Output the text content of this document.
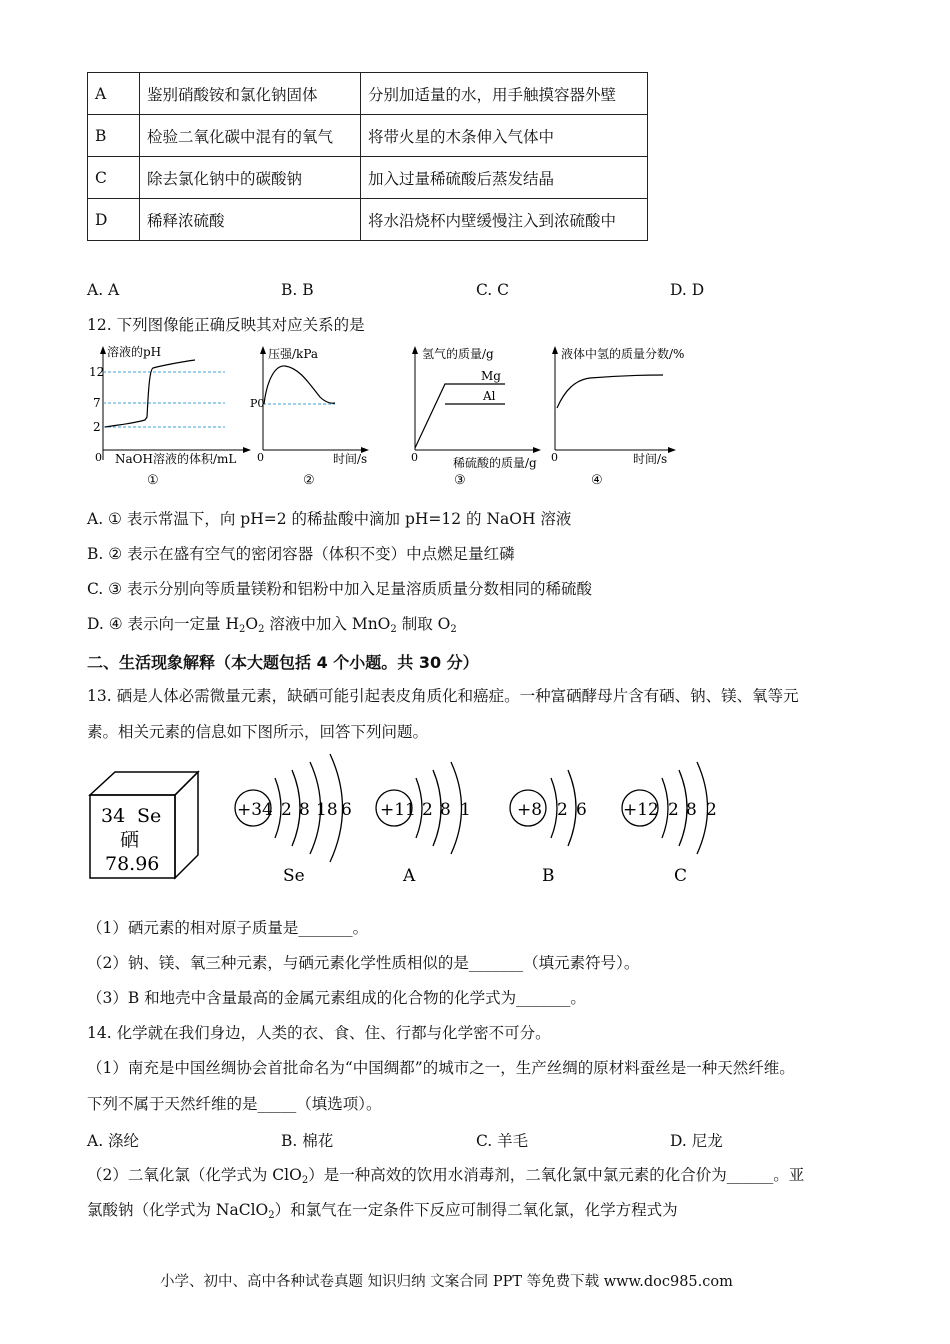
A	鉴别硝酸铵和氯化钠固体	分别加适量的水，用手触摸容器外壁
B	检验二氧化碳中混有的氧气	将带火星的木条伸入气体中
C	除去氯化钠中的碳酸钠	加入过量稀硫酸后蒸发结晶
D	稀释浓硫酸	将水沿烧杯内壁缓慢注入到浓硫酸中
A. A	B. B	C. C	D. D
12. 下列图像能正确反映其对应关系的是
12
7
2
溶液的pH
0 NaOH溶液的体积/mL
①
压强/kPa
P0
0	时间/s
②
氢气的质量/g
Mg
Al
0	稀硫酸的质量/g
③
液体中氢的质量分数/%
0	时间/s
④
A. ① 表示常温下，向 pH=2 的稀盐酸中滴加 pH=12 的 NaOH 溶液
B. ② 表示在盛有空气的密闭容器（体积不变）中点燃足量红磷
C. ③ 表示分别向等质量镁粉和铝粉中加入足量溶质质量分数相同的稀硫酸
D. ④ 表示向一定量 $H_2O_2$ 溶液中加入 MnO$_2$ 制取 $O_2$
二、生活现象解释（本大题包括 4 个小题。共 30 分）
13. 硒是人体必需微量元素，缺硒可能引起表皮角质化和癌症。一种富硒酵母片含有硒、钠、镁、氧等元
素。相关元素的信息如下图所示，回答下列问题。
34 Se
硒
78.96
+34 2 8 18 6
Se
+11 2 8 1
A
+8 2 6
B
+12 2 8 2
C
（1）硒元素的相对原子质量是_______。
（2）钠、镁、氧三种元素，与硒元素化学性质相似的是_______（填元素符号）。
（3）B 和地壳中含量最高的金属元素组成的化合物的化学式为_______。
14. 化学就在我们身边，人类的衣、食、住、行都与化学密不可分。
（1）南充是中国丝绸协会首批命名为“中国绸都”的城市之一，生产丝绸的原材料蚕丝是一种天然纤维。
下列不属于天然纤维的是_____（填选项）。
A. 涤纶	B. 棉花	C. 羊毛	D. 尼龙
（2）二氧化氯（化学式为 ClO$_2$）是一种高效的饮用水消毒剂，二氧化氯中氯元素的化合价为______。亚
氯酸钠（化学式为 NaClO$_2$）和氯气在一定条件下反应可制得二氧化氯，化学方程式为
小学、初中、高中各种试卷真题 知识归纳 文案合同 PPT 等免费下载 www.doc985.com
